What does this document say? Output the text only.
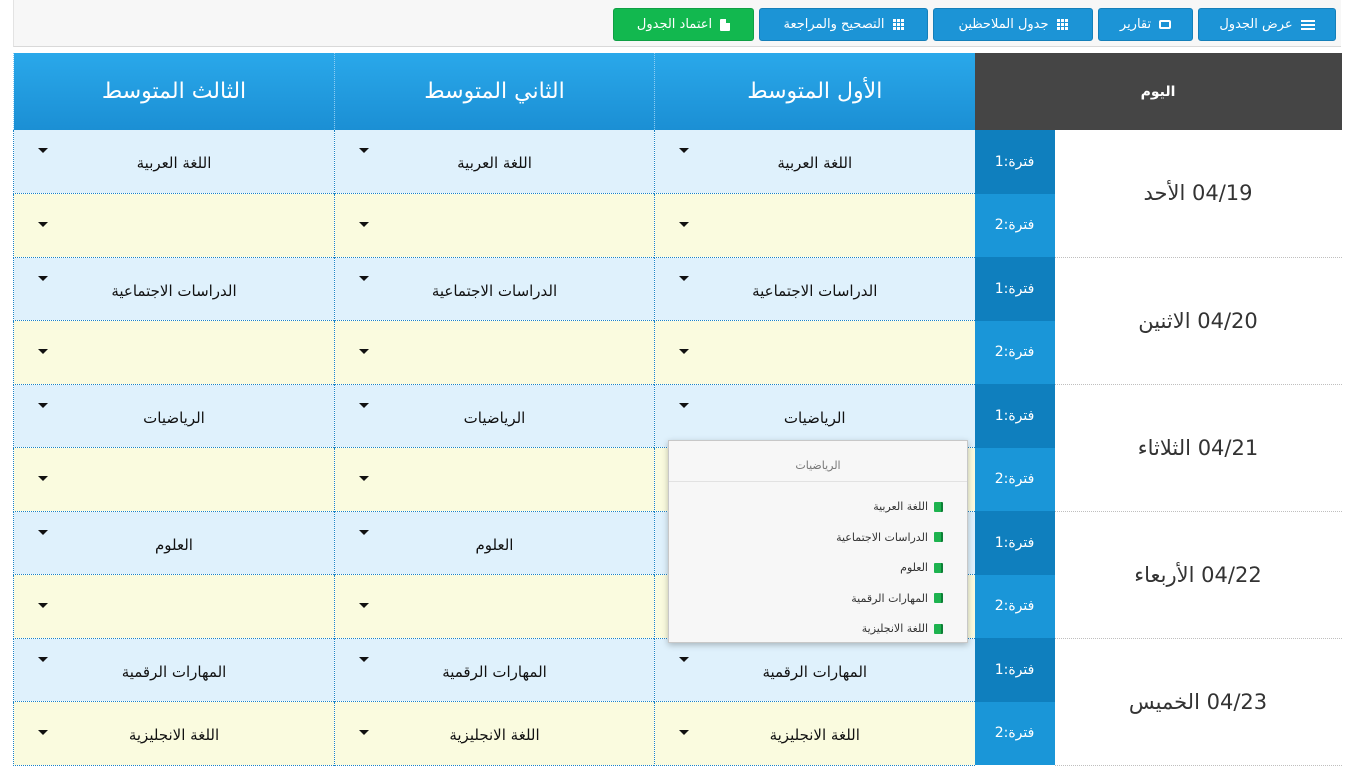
عرض الجدول
تقارير
جدول الملاحظين
التصحيح والمراجعة
اعتماد الجدول
اليوم		الأول المتوسط	الثاني المتوسط	الثالث المتوسط
04/19 الأحد	فترة:1	اللغة العربية	اللغة العربية	اللغة العربية

	فترة:2	

04/20 الاثنين	فترة:1	الدراسات الاجتماعية	الدراسات الاجتماعية	الدراسات الاجتماعية

	فترة:2	

04/21 الثلاثاء	فترة:1	الرياضيات	الرياضيات	الرياضيات

	فترة:2	

04/22 الأربعاء	فترة:1		العلوم	العلوم

	فترة:2	

04/23 الخميس	فترة:1	المهارات الرقمية	المهارات الرقمية	المهارات الرقمية

	فترة:2	اللغة الانجليزية	اللغة الانجليزية	اللغة الانجليزية
الرياضيات
اللغة العربية
الدراسات الاجتماعية
العلوم
المهارات الرقمية
اللغة الانجليزية
